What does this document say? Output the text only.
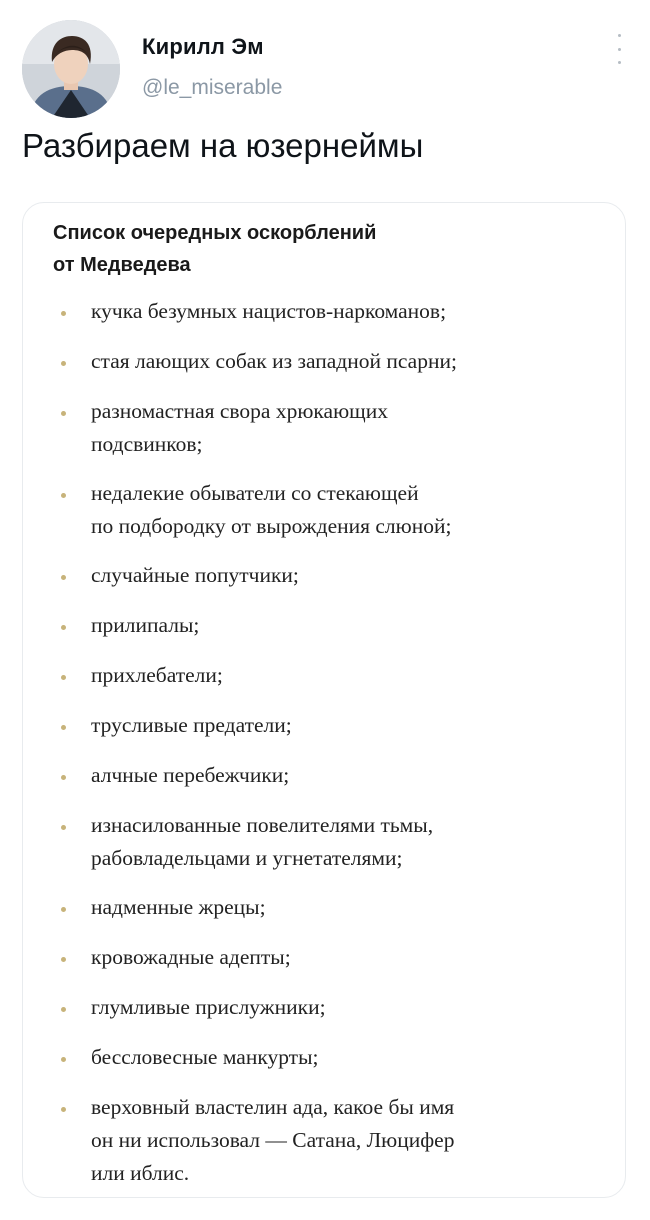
Кирилл Эм
@le_miserable
Разбираем на юзернеймы
Список очередных оскорблений
от Медведева
кучка безумных нацистов-наркоманов;
стая лающих собак из западной псарни;
разномастная свора хрюкающих
подсвинков;
недалекие обыватели со стекающей
по подбородку от вырождения слюной;
случайные попутчики;
прилипалы;
прихлебатели;
трусливые предатели;
алчные перебежчики;
изнасилованные повелителями тьмы,
рабовладельцами и угнетателями;
надменные жрецы;
кровожадные адепты;
глумливые прислужники;
бессловесные манкурты;
верховный властелин ада, какое бы имя
он ни использовал — Сатана, Люцифер
или иблис.
